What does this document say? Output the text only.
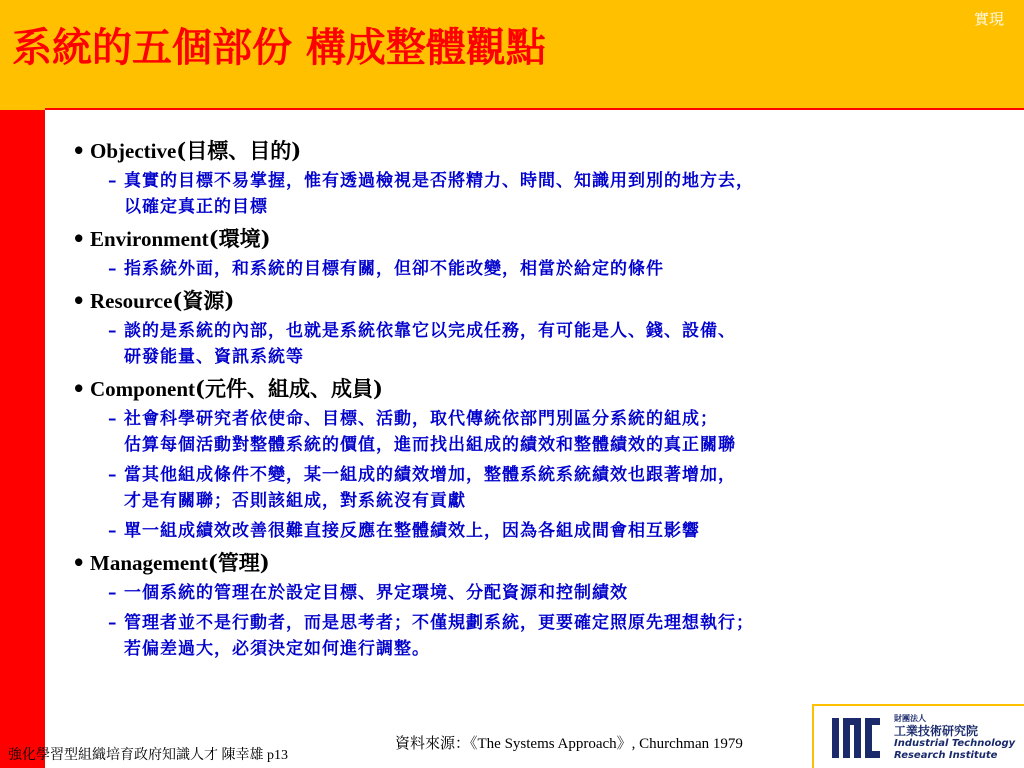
系統的五個部份 構成整體觀點
實現
• Objective(目標、目的)
– 真實的目標不易掌握，惟有透過檢視是否將精力、時間、知識用到別的地方去，
以確定真正的目標
• Environment(環境)
– 指系統外面，和系統的目標有關，但卻不能改變，相當於給定的條件
• Resource(資源)
– 談的是系統的內部，也就是系統依靠它以完成任務，有可能是人、錢、設備、
研發能量、資訊系統等
• Component(元件、組成、成員)
– 社會科學研究者依使命、目標、活動，取代傳統依部門別區分系統的組成；
估算每個活動對整體系統的價值，進而找出組成的績效和整體績效的真正關聯
– 當其他組成條件不變，某一組成的績效增加，整體系統系統績效也跟著增加，
才是有關聯；否則該組成，對系統沒有貢獻
– 單一組成績效改善很難直接反應在整體績效上，因為各組成間會相互影響
• Management(管理)
– 一個系統的管理在於設定目標、界定環境、分配資源和控制績效
– 管理者並不是行動者，而是思考者；不僅規劃系統，更要確定照原先理想執行；
若偏差過大，必須決定如何進行調整。
資料來源：《The Systems Approach》, Churchman 1979
強化學習型組織培育政府知識人才 陳幸雄 p13
財團法人
工業技術研究院
Industrial Technology
Research Institute
